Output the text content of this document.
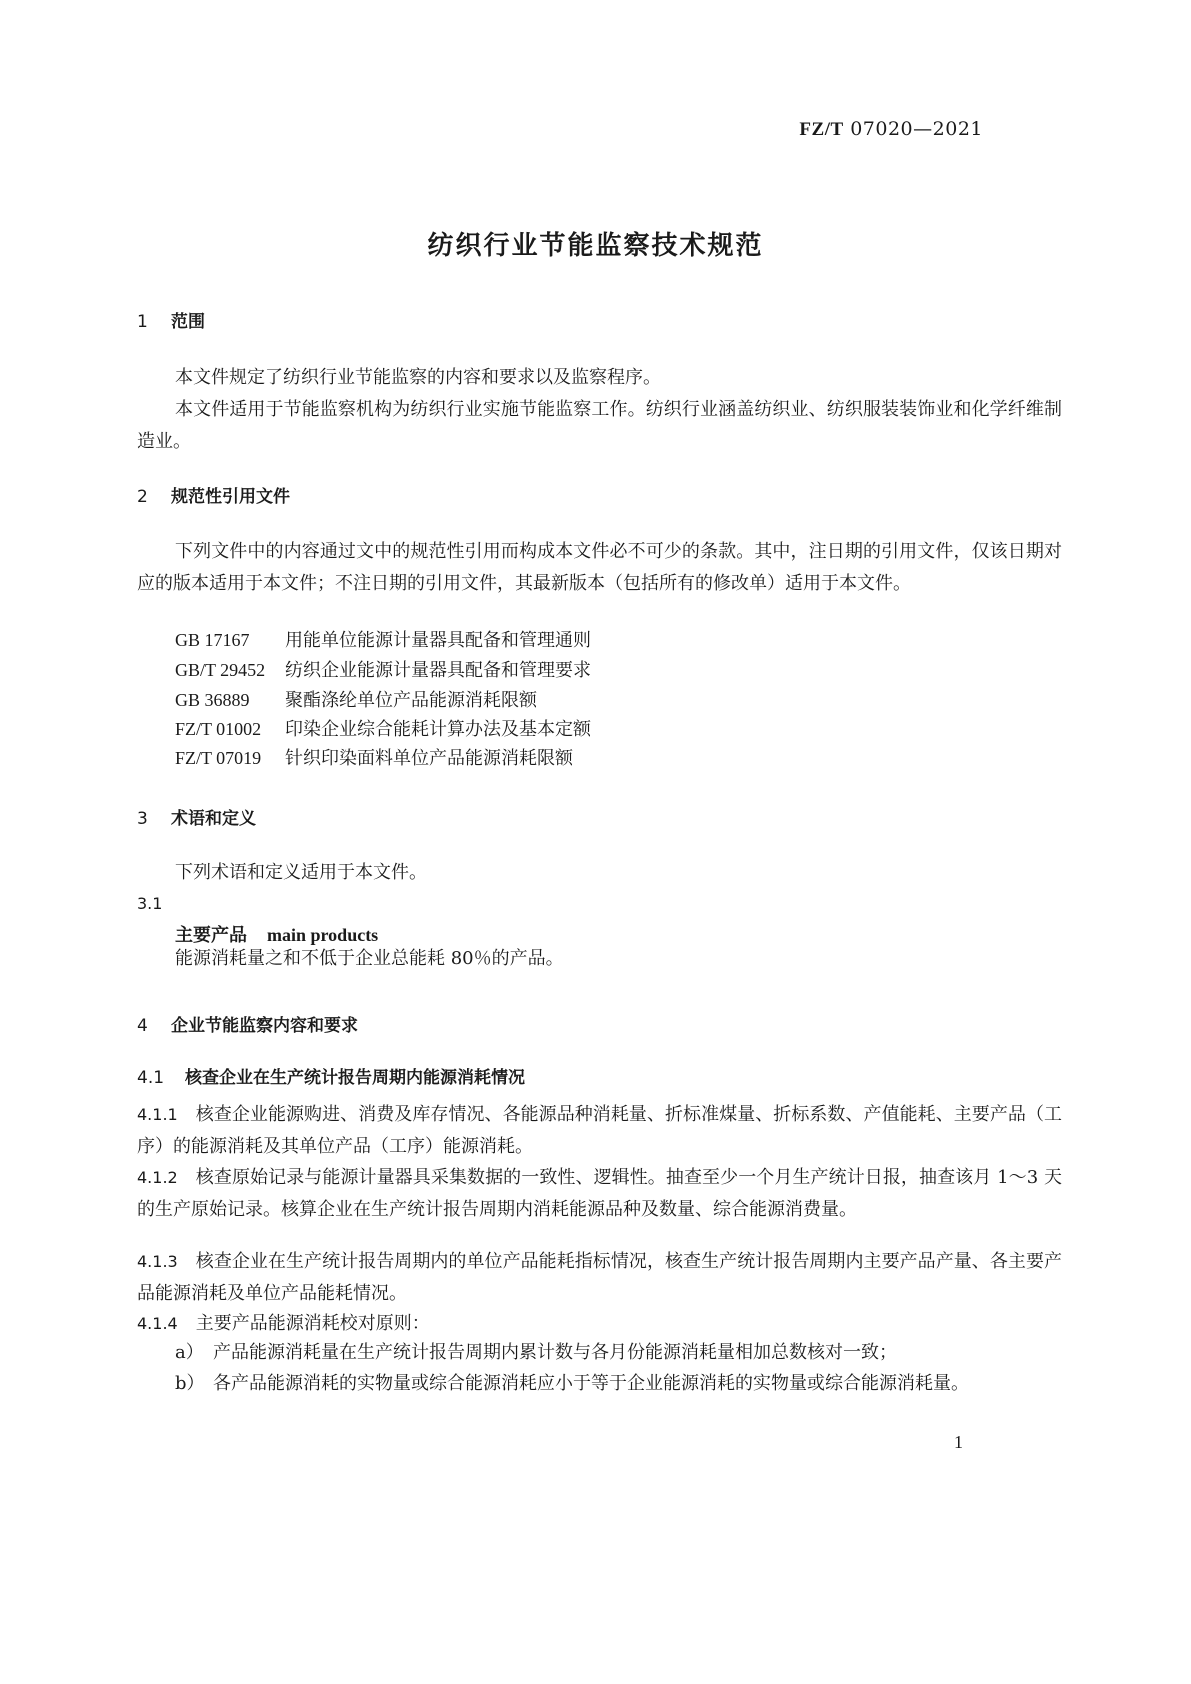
FZ/T 07020—2021
纺织行业节能监察技术规范
1 范围
本文件规定了纺织行业节能监察的内容和要求以及监察程序。
本文件适用于节能监察机构为纺织行业实施节能监察工作。纺织行业涵盖纺织业、纺织服装装饰业和化学纤维制造业。
2 规范性引用文件
下列文件中的内容通过文中的规范性引用而构成本文件必不可少的条款。其中，注日期的引用文件，仅该日期对应的版本适用于本文件；不注日期的引用文件，其最新版本（包括所有的修改单）适用于本文件。
GB 17167 用能单位能源计量器具配备和管理通则
GB/T 29452 纺织企业能源计量器具配备和管理要求
GB 36889 聚酯涤纶单位产品能源消耗限额
FZ/T 01002 印染企业综合能耗计算办法及基本定额
FZ/T 07019 针织印染面料单位产品能源消耗限额
3 术语和定义
下列术语和定义适用于本文件。
3.1
主要产品 main products
能源消耗量之和不低于企业总能耗 80％的产品。
4 企业节能监察内容和要求
4.1 核查企业在生产统计报告周期内能源消耗情况
4.1.1 核查企业能源购进、消费及库存情况、各能源品种消耗量、折标准煤量、折标系数、产值能耗、主要产品（工序）的能源消耗及其单位产品（工序）能源消耗。
4.1.2 核查原始记录与能源计量器具采集数据的一致性、逻辑性。抽查至少一个月生产统计日报，抽查该月 1～3 天的生产原始记录。核算企业在生产统计报告周期内消耗能源品种及数量、综合能源消费量。
4.1.3 核查企业在生产统计报告周期内的单位产品能耗指标情况，核查生产统计报告周期内主要产品产量、各主要产品能源消耗及单位产品能耗情况。
4.1.4 主要产品能源消耗校对原则：
a） 产品能源消耗量在生产统计报告周期内累计数与各月份能源消耗量相加总数核对一致；
b） 各产品能源消耗的实物量或综合能源消耗应小于等于企业能源消耗的实物量或综合能源消耗量。
1
